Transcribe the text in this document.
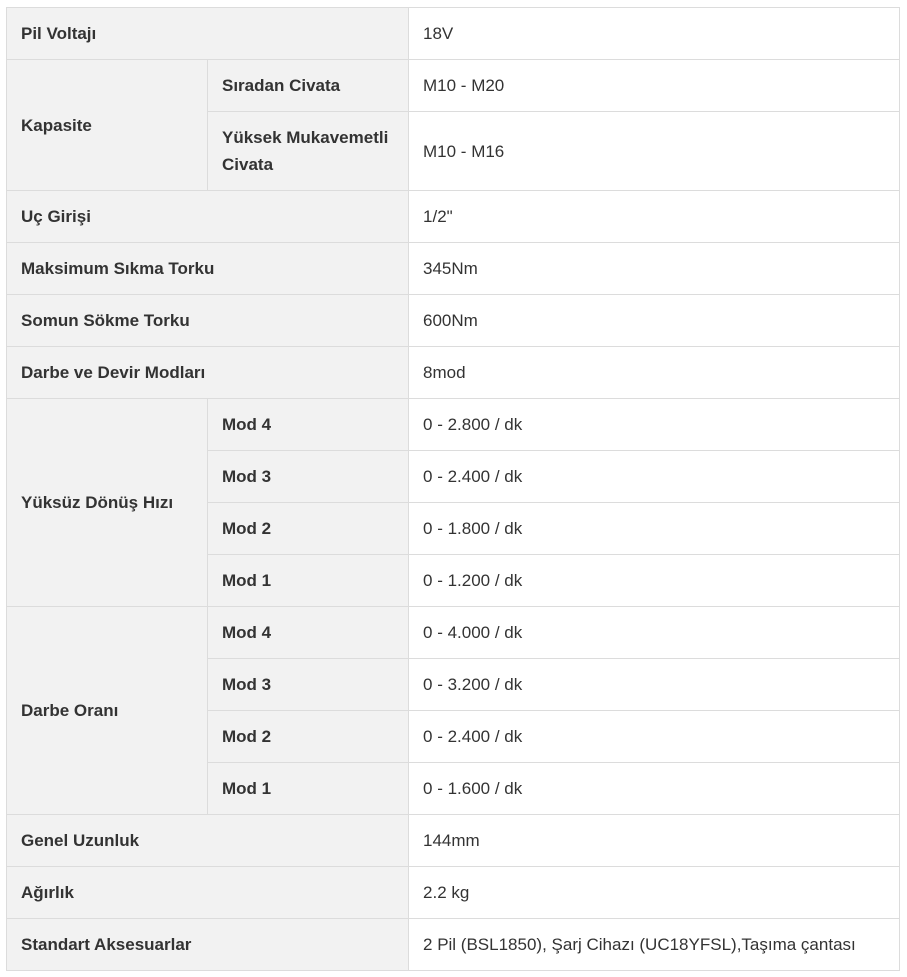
Pil Voltajı		18V
Kapasite	Sıradan Civata	M10 - M20
	Yüksek Mukavemetli Civata	M10 - M16
Uç Girişi		1/2"
Maksimum Sıkma Torku		345Nm
Somun Sökme Torku		600Nm
Darbe ve Devir Modları		8mod
Yüksüz Dönüş Hızı	Mod 4	0 - 2.800 / dk
	Mod 3	0 - 2.400 / dk
	Mod 2	0 - 1.800 / dk
	Mod 1	0 - 1.200 / dk
Darbe Oranı	Mod 4	0 - 4.000 / dk
	Mod 3	0 - 3.200 / dk
	Mod 2	0 - 2.400 / dk
	Mod 1	0 - 1.600 / dk
Genel Uzunluk		144mm
Ağırlık		2.2 kg
Standart Aksesuarlar		2 Pil (BSL1850), Şarj Cihazı (UC18YFSL),Taşıma çantası
